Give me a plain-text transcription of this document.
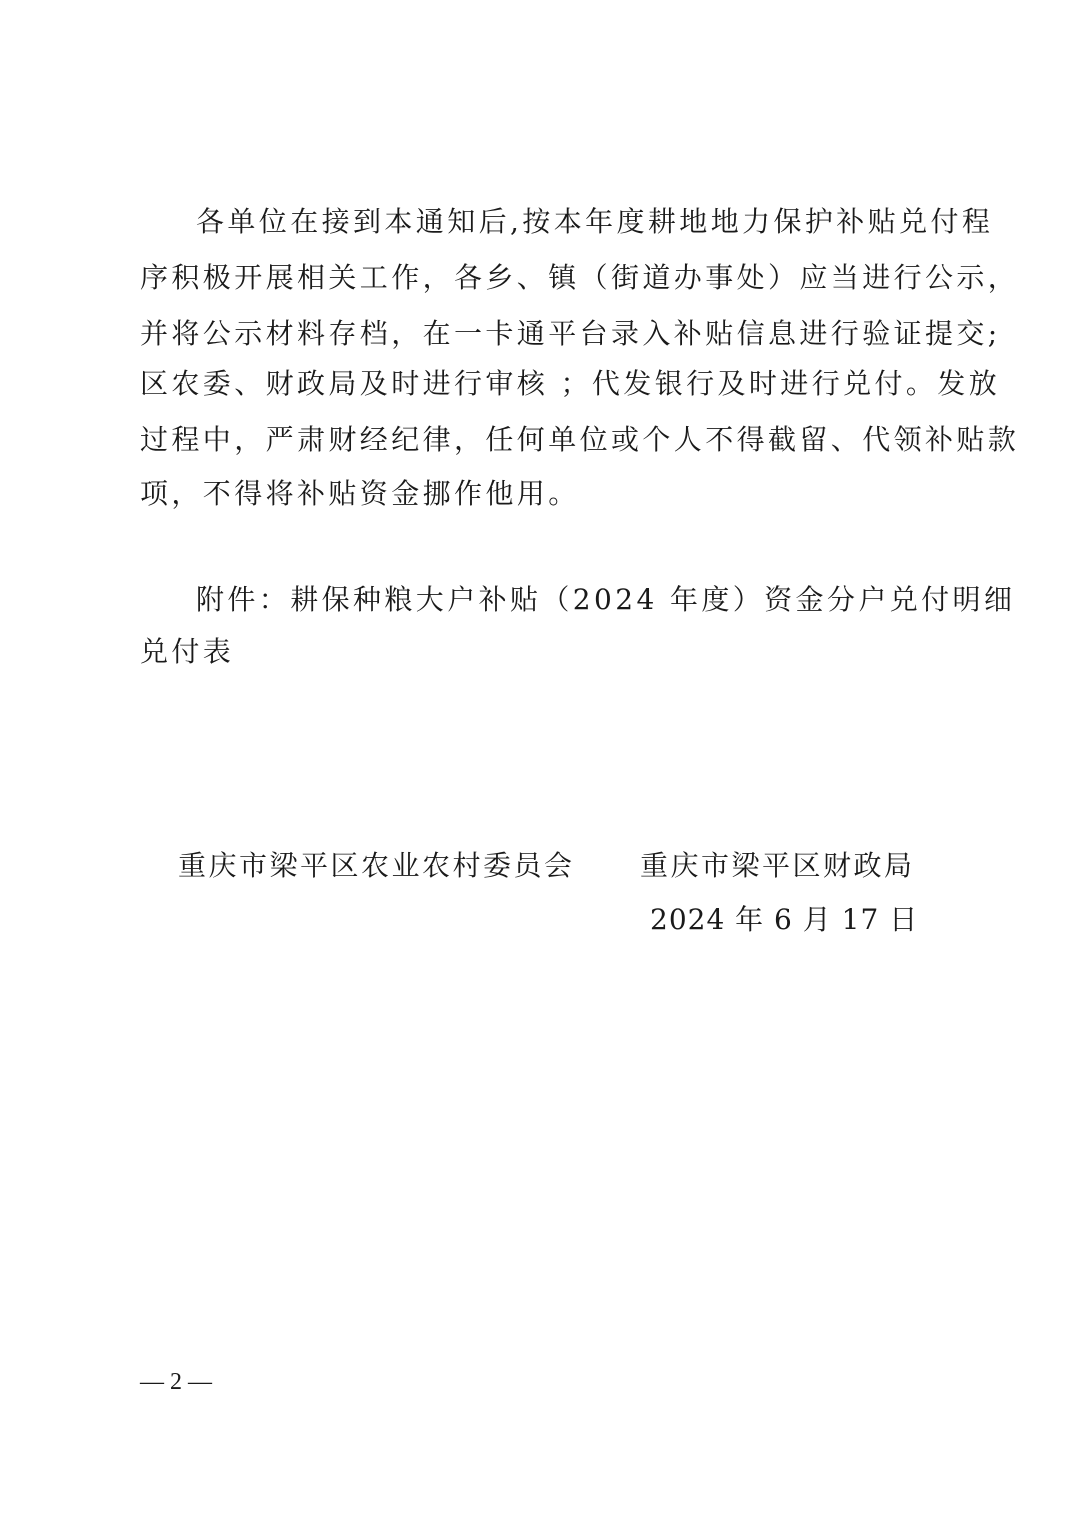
各单位在接到本通知后,按本年度耕地地力保护补贴兑付程
序积极开展相关工作，各乡、镇（街道办事处）应当进行公示，
并将公示材料存档，在一卡通平台录入补贴信息进行验证提交;
区农委、财政局及时进行审核 ；代发银行及时进行兑付。发放
过程中，严肃财经纪律，任何单位或个人不得截留、代领补贴款
项，不得将补贴资金挪作他用。
附件：耕保种粮大户补贴（2024 年度）资金分户兑付明细
兑付表
重庆市梁平区农业农村委员会 重庆市梁平区财政局
2024 年 6 月 17 日
— 2 —
